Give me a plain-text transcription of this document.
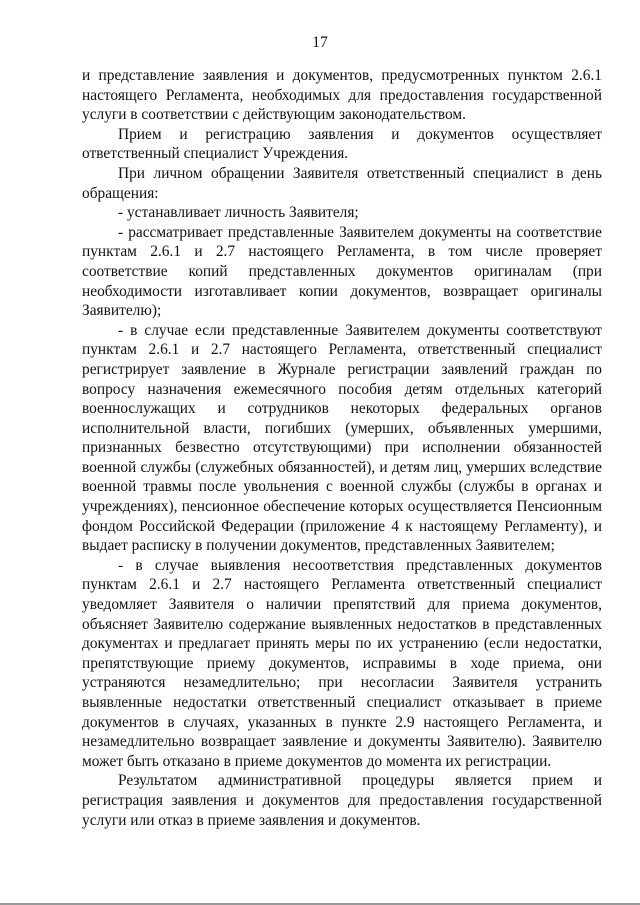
17

и представление заявления и документов, предусмотренных пунктом 2.6.1 настоящего Регламента, необходимых для предоставления государственной услуги в соответствии с действующим законодательством.

Прием и регистрацию заявления и документов осуществляет ответственный специалист Учреждения.

При личном обращении Заявителя ответственный специалист в день обращения:

- устанавливает личность Заявителя;

- рассматривает представленные Заявителем документы на соответствие пунктам 2.6.1 и 2.7 настоящего Регламента, в том числе проверяет соответствие копий представленных документов оригиналам (при необходимости изготавливает копии документов, возвращает оригиналы Заявителю);

- в случае если представленные Заявителем документы соответствуют пунктам 2.6.1 и 2.7 настоящего Регламента, ответственный специалист регистрирует заявление в Журнале регистрации заявлений граждан по вопросу назначения ежемесячного пособия детям отдельных категорий военнослужащих и сотрудников некоторых федеральных органов исполнительной власти, погибших (умерших, объявленных умершими, признанных безвестно отсутствующими) при исполнении обязанностей военной службы (служебных обязанностей), и детям лиц, умерших вследствие военной травмы после увольнения с военной службы (службы в органах и учреждениях), пенсионное обеспечение которых осуществляется Пенсионным фондом Российской Федерации (приложение 4 к настоящему Регламенту), и выдает расписку в получении документов, представленных Заявителем;

- в случае выявления несоответствия представленных документов пунктам 2.6.1 и 2.7 настоящего Регламента ответственный специалист уведомляет Заявителя о наличии препятствий для приема документов, объясняет Заявителю содержание выявленных недостатков в представленных документах и предлагает принять меры по их устранению (если недостатки, препятствующие приему документов, исправимы в ходе приема, они устраняются незамедлительно; при несогласии Заявителя устранить выявленные недостатки ответственный специалист отказывает в приеме документов в случаях, указанных в пункте 2.9 настоящего Регламента, и незамедлительно возвращает заявление и документы Заявителю). Заявителю может быть отказано в приеме документов до момента их регистрации.

Результатом административной процедуры является прием и регистрация заявления и документов для предоставления государственной услуги или отказ в приеме заявления и документов.
